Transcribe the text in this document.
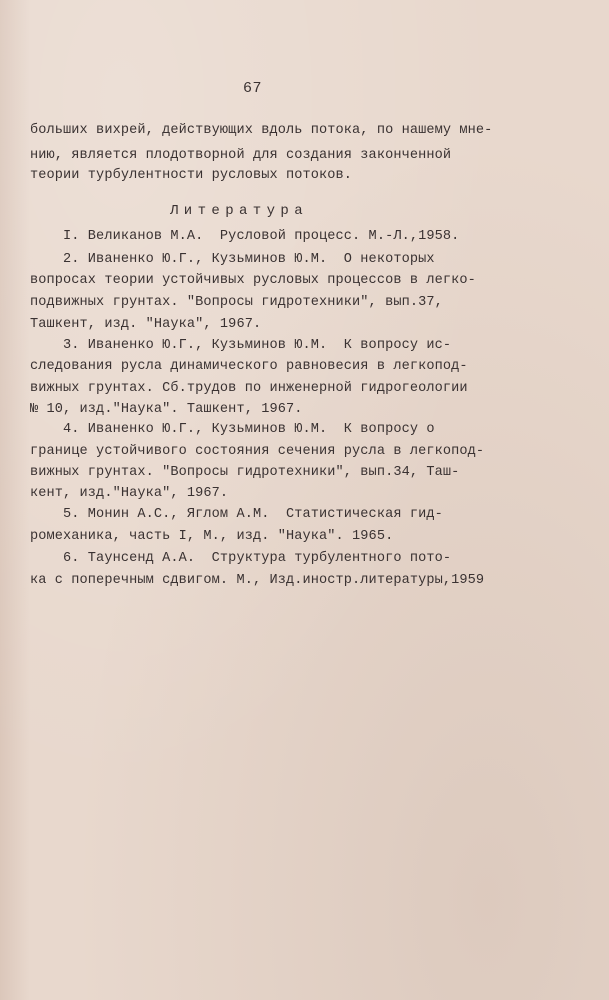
67
больших вихрей, действующих вдоль потока, по нашему мне-
нию, является плодотворной для создания законченной
теории турбулентности русловых потоков.
Литература
I. Великанов М.А.  Русловой процесс. М.-Л.,1958.
2. Иваненко Ю.Г., Кузьминов Ю.М.  О некоторых
вопросах теории устойчивых русловых процессов в легко-
подвижных грунтах. "Вопросы гидротехники", вып.37,
Ташкент, изд. "Наука", 1967.
3. Иваненко Ю.Г., Кузьминов Ю.М.  К вопросу ис-
следования русла динамического равновесия в легкопод-
вижных грунтах. Сб.трудов по инженерной гидрогеологии
№ 10, изд."Наука". Ташкент, 1967.
4. Иваненко Ю.Г., Кузьминов Ю.М.  К вопросу о
границе устойчивого состояния сечения русла в легкопод-
вижных грунтах. "Вопросы гидротехники", вып.34, Таш-
кент, изд."Наука", 1967.
5. Монин А.С., Яглом А.М.  Статистическая гид-
ромеханика, часть I, М., изд. "Наука". 1965.
6. Таунсенд А.А.  Структура турбулентного пото-
ка с поперечным сдвигом. М., Изд.иностр.литературы,1959
